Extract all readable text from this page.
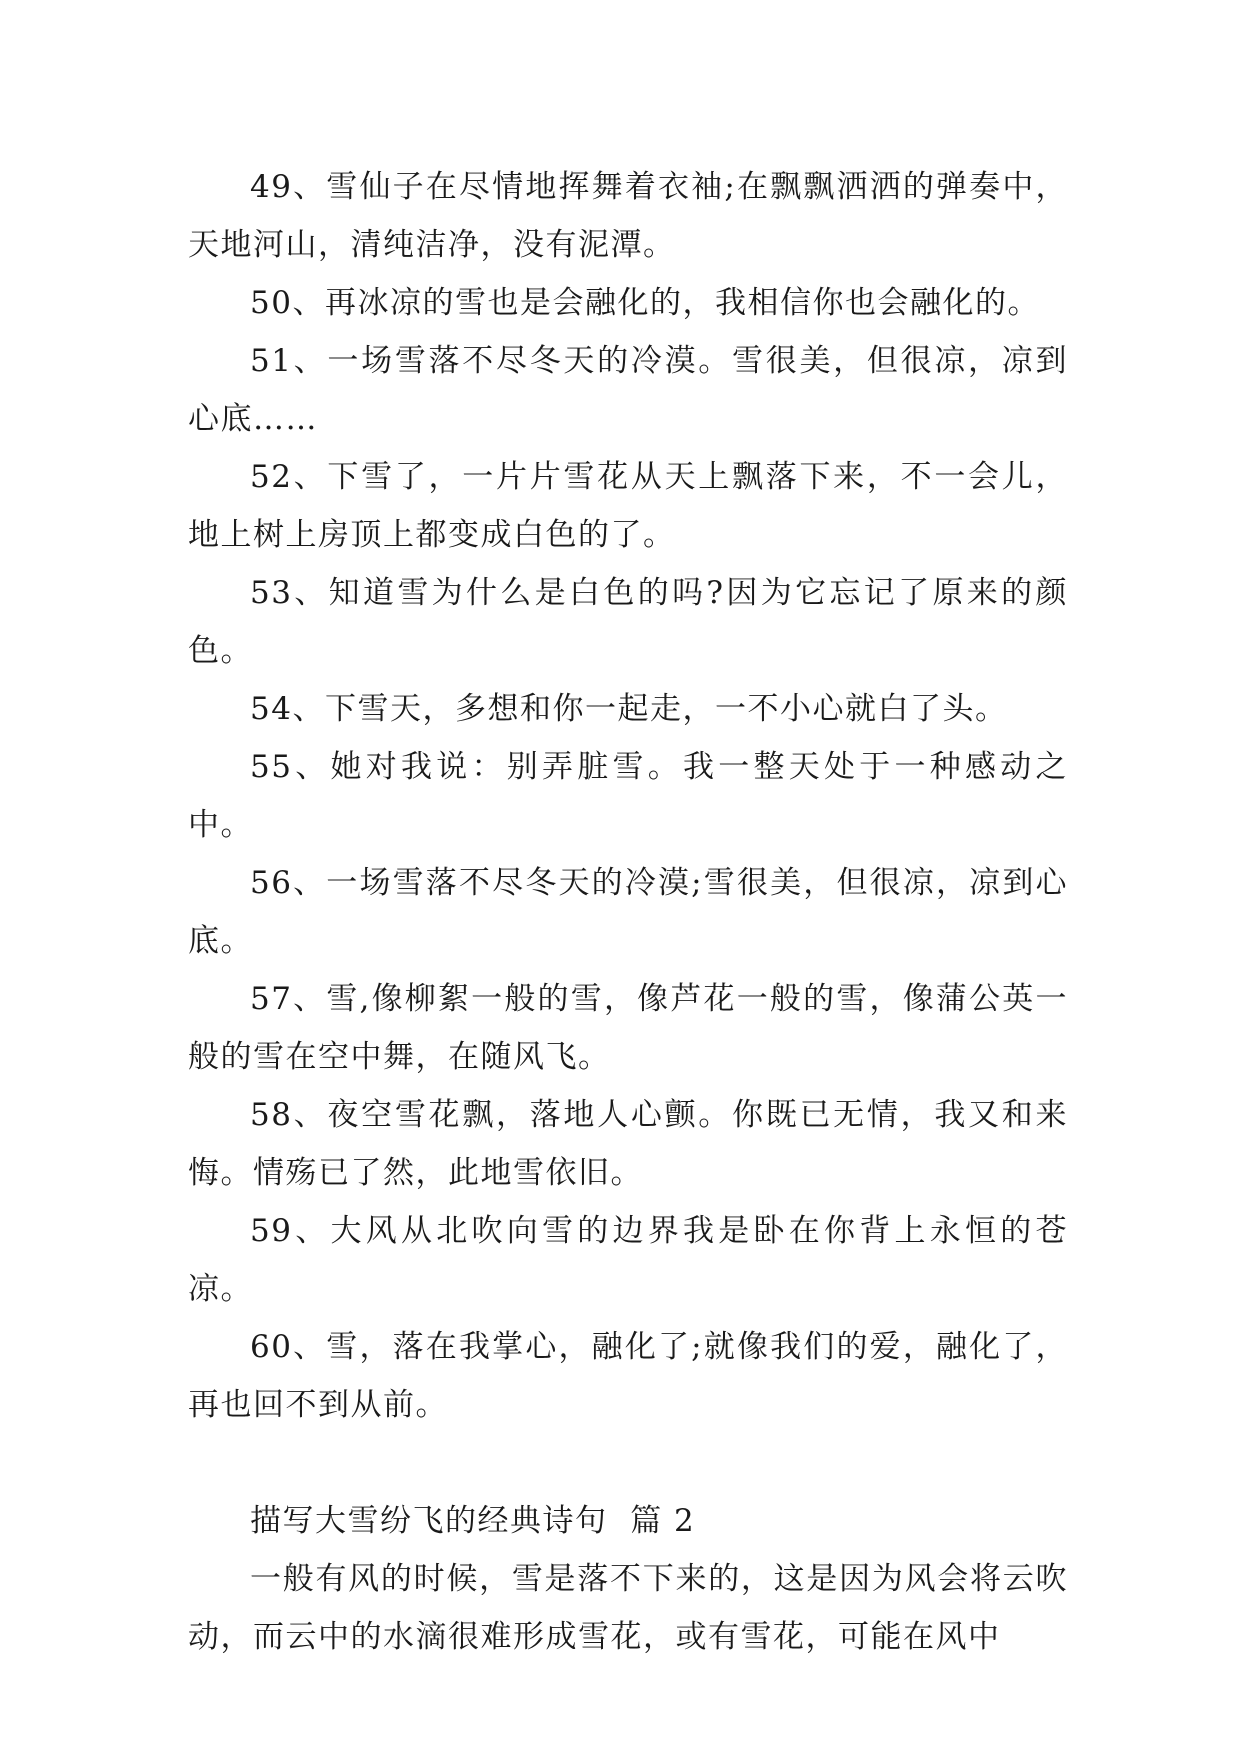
49、雪仙子在尽情地挥舞着衣袖;在飘飘洒洒的弹奏中，天地河山，清纯洁净，没有泥潭。

50、再冰凉的雪也是会融化的，我相信你也会融化的。

51、一场雪落不尽冬天的冷漠。雪很美，但很凉，凉到心底……

52、下雪了，一片片雪花从天上飘落下来，不一会儿，地上树上房顶上都变成白色的了。

53、知道雪为什么是白色的吗?因为它忘记了原来的颜色。

54、下雪天，多想和你一起走，一不小心就白了头。

55、她对我说：别弄脏雪。我一整天处于一种感动之中。

56、一场雪落不尽冬天的冷漠;雪很美，但很凉，凉到心底。

57、雪,像柳絮一般的雪，像芦花一般的雪，像蒲公英一般的雪在空中舞，在随风飞。

58、夜空雪花飘，落地人心颤。你既已无情，我又和来悔。情殇已了然，此地雪依旧。

59、大风从北吹向雪的边界我是卧在你背上永恒的苍凉。

60、雪，落在我掌心，融化了;就像我们的爱，融化了，再也回不到从前。

描写大雪纷飞的经典诗句  篇 2

一般有风的时候，雪是落不下来的，这是因为风会将云吹动，而云中的水滴很难形成雪花，或有雪花，可能在风中
